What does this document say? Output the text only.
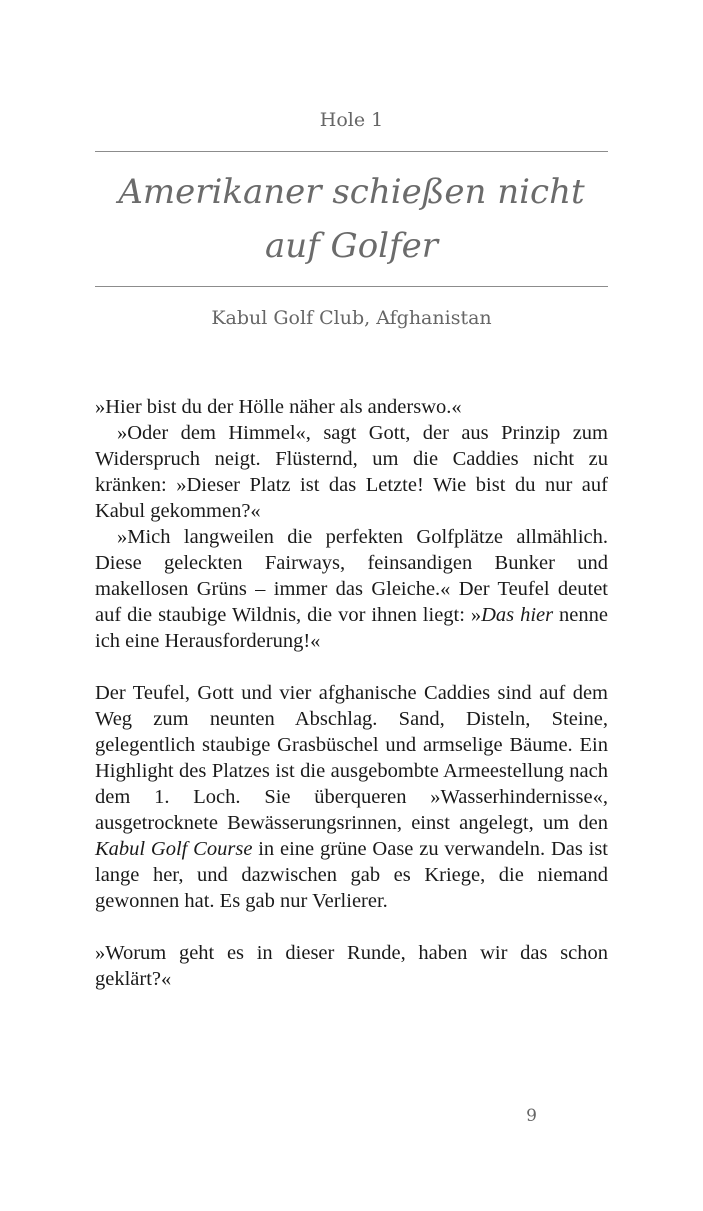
Hole 1
Amerikaner schießen nicht
auf Golfer
Kabul Golf Club, Afghanistan

»Hier bist du der Hölle näher als anderswo.«

»Oder dem Himmel«, sagt Gott, der aus Prinzip zum Widerspruch neigt. Flüsternd, um die Caddies nicht zu kränken: »Dieser Platz ist das Letzte! Wie bist du nur auf Kabul gekommen?«

»Mich langweilen die perfekten Golfplätze allmählich. Diese geleckten Fairways, feinsandigen Bunker und makellosen Grüns – immer das Gleiche.« Der Teufel deutet auf die staubige Wildnis, die vor ihnen liegt: »Das hier nenne ich eine Herausforderung!«

Der Teufel, Gott und vier afghanische Caddies sind auf dem Weg zum neunten Abschlag. Sand, Disteln, Steine, gelegentlich staubige Grasbüschel und armselige Bäume. Ein Highlight des Platzes ist die ausgebombte Armeestellung nach dem 1. Loch. Sie überqueren »Wasserhindernisse«, ausgetrocknete Bewässerungsrinnen, einst angelegt, um den Kabul Golf Course in eine grüne Oase zu verwandeln. Das ist lange her, und dazwischen gab es Kriege, die niemand gewonnen hat. Es gab nur Verlierer.

»Worum geht es in dieser Runde, haben wir das schon geklärt?«

9
